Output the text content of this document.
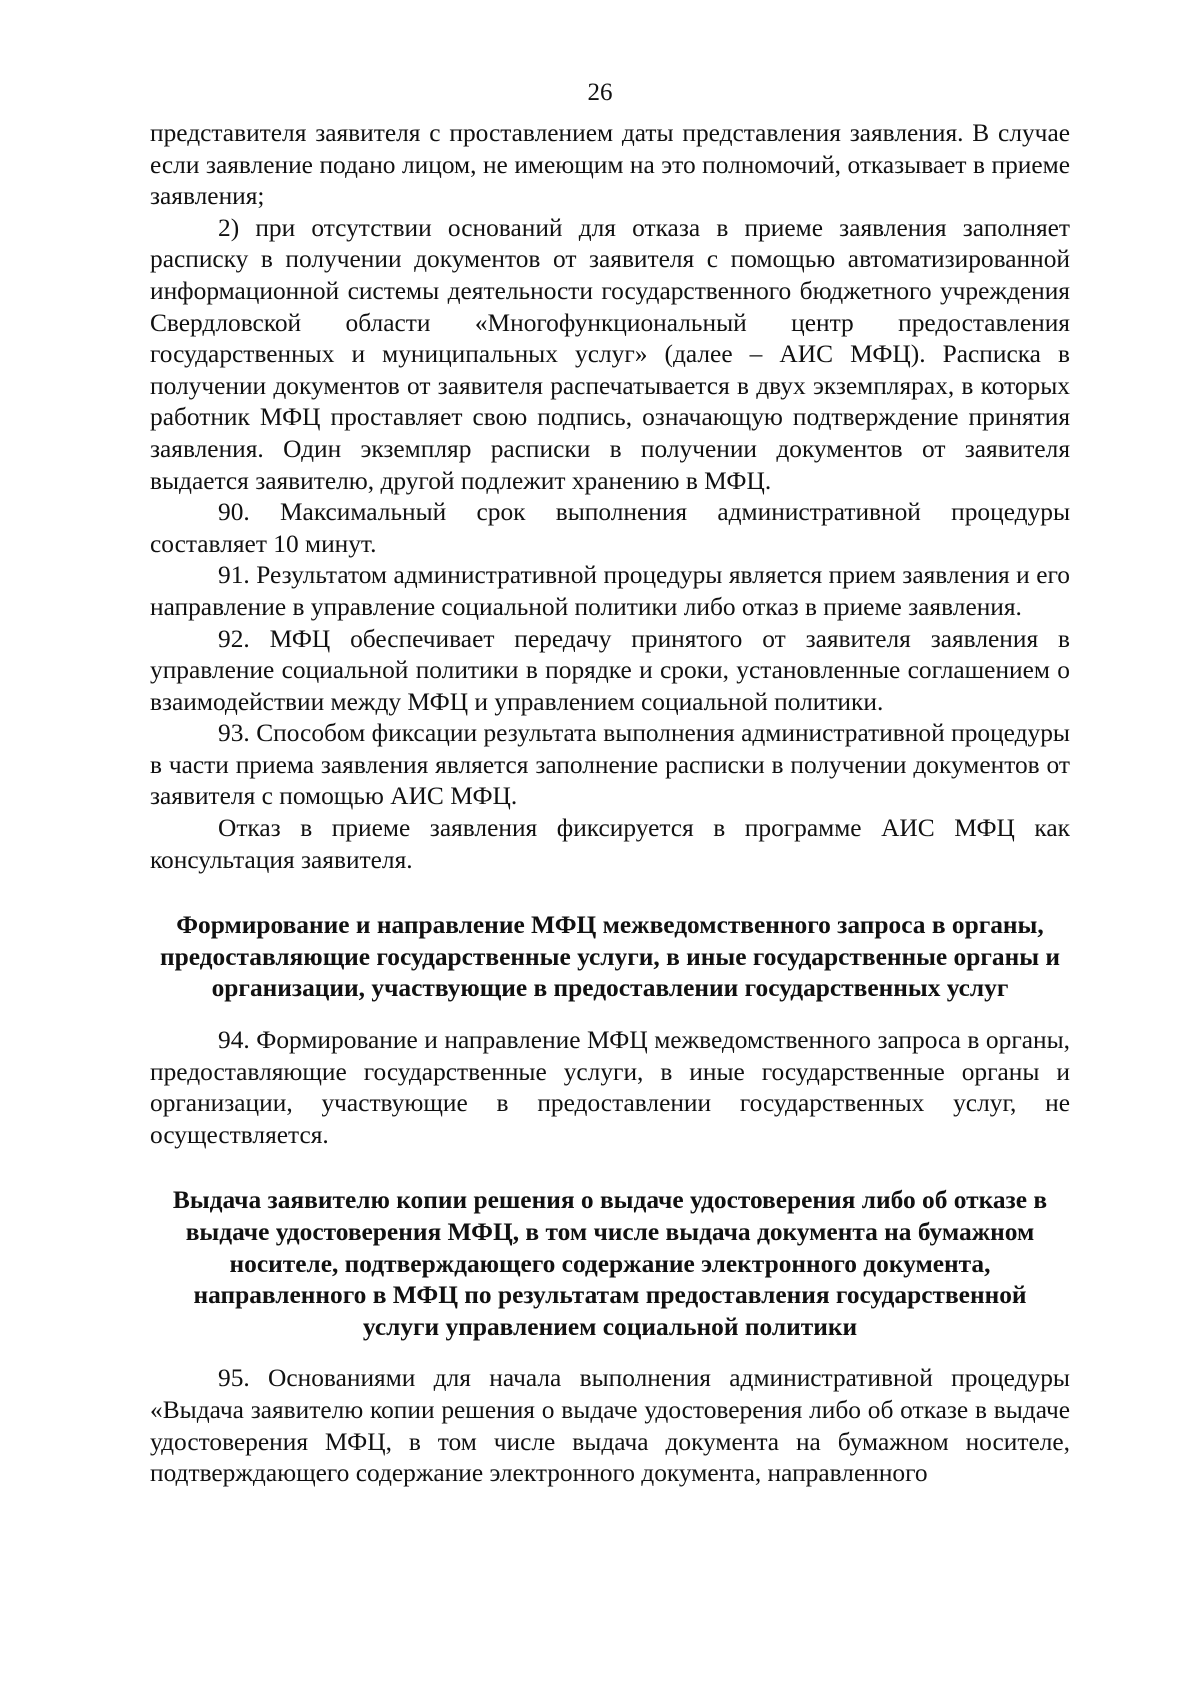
26

представителя заявителя с проставлением даты представления заявления. В случае если заявление подано лицом, не имеющим на это полномочий, отказывает в приеме заявления;

2) при отсутствии оснований для отказа в приеме заявления заполняет расписку в получении документов от заявителя с помощью автоматизированной информационной системы деятельности государственного бюджетного учреждения Свердловской области «Многофункциональный центр предоставления государственных и муниципальных услуг» (далее – АИС МФЦ). Расписка в получении документов от заявителя распечатывается в двух экземплярах, в которых работник МФЦ проставляет свою подпись, означающую подтверждение принятия заявления. Один экземпляр расписки в получении документов от заявителя выдается заявителю, другой подлежит хранению в МФЦ.

90. Максимальный срок выполнения административной процедуры составляет 10 минут.

91. Результатом административной процедуры является прием заявления и его направление в управление социальной политики либо отказ в приеме заявления.

92. МФЦ обеспечивает передачу принятого от заявителя заявления в управление социальной политики в порядке и сроки, установленные соглашением о взаимодействии между МФЦ и управлением социальной политики.

93. Способом фиксации результата выполнения административной процедуры в части приема заявления является заполнение расписки в получении документов от заявителя с помощью АИС МФЦ.

Отказ в приеме заявления фиксируется в программе АИС МФЦ как консультация заявителя.

Формирование и направление МФЦ межведомственного запроса в органы, предоставляющие государственные услуги, в иные государственные органы и организации, участвующие в предоставлении государственных услуг

94. Формирование и направление МФЦ межведомственного запроса в органы, предоставляющие государственные услуги, в иные государственные органы и организации, участвующие в предоставлении государственных услуг, не осуществляется.

Выдача заявителю копии решения о выдаче удостоверения либо об отказе в выдаче удостоверения МФЦ, в том числе выдача документа на бумажном носителе, подтверждающего содержание электронного документа, направленного в МФЦ по результатам предоставления государственной услуги управлением социальной политики

95. Основаниями для начала выполнения административной процедуры «Выдача заявителю копии решения о выдаче удостоверения либо об отказе в выдаче удостоверения МФЦ, в том числе выдача документа на бумажном носителе, подтверждающего содержание электронного документа, направленного
